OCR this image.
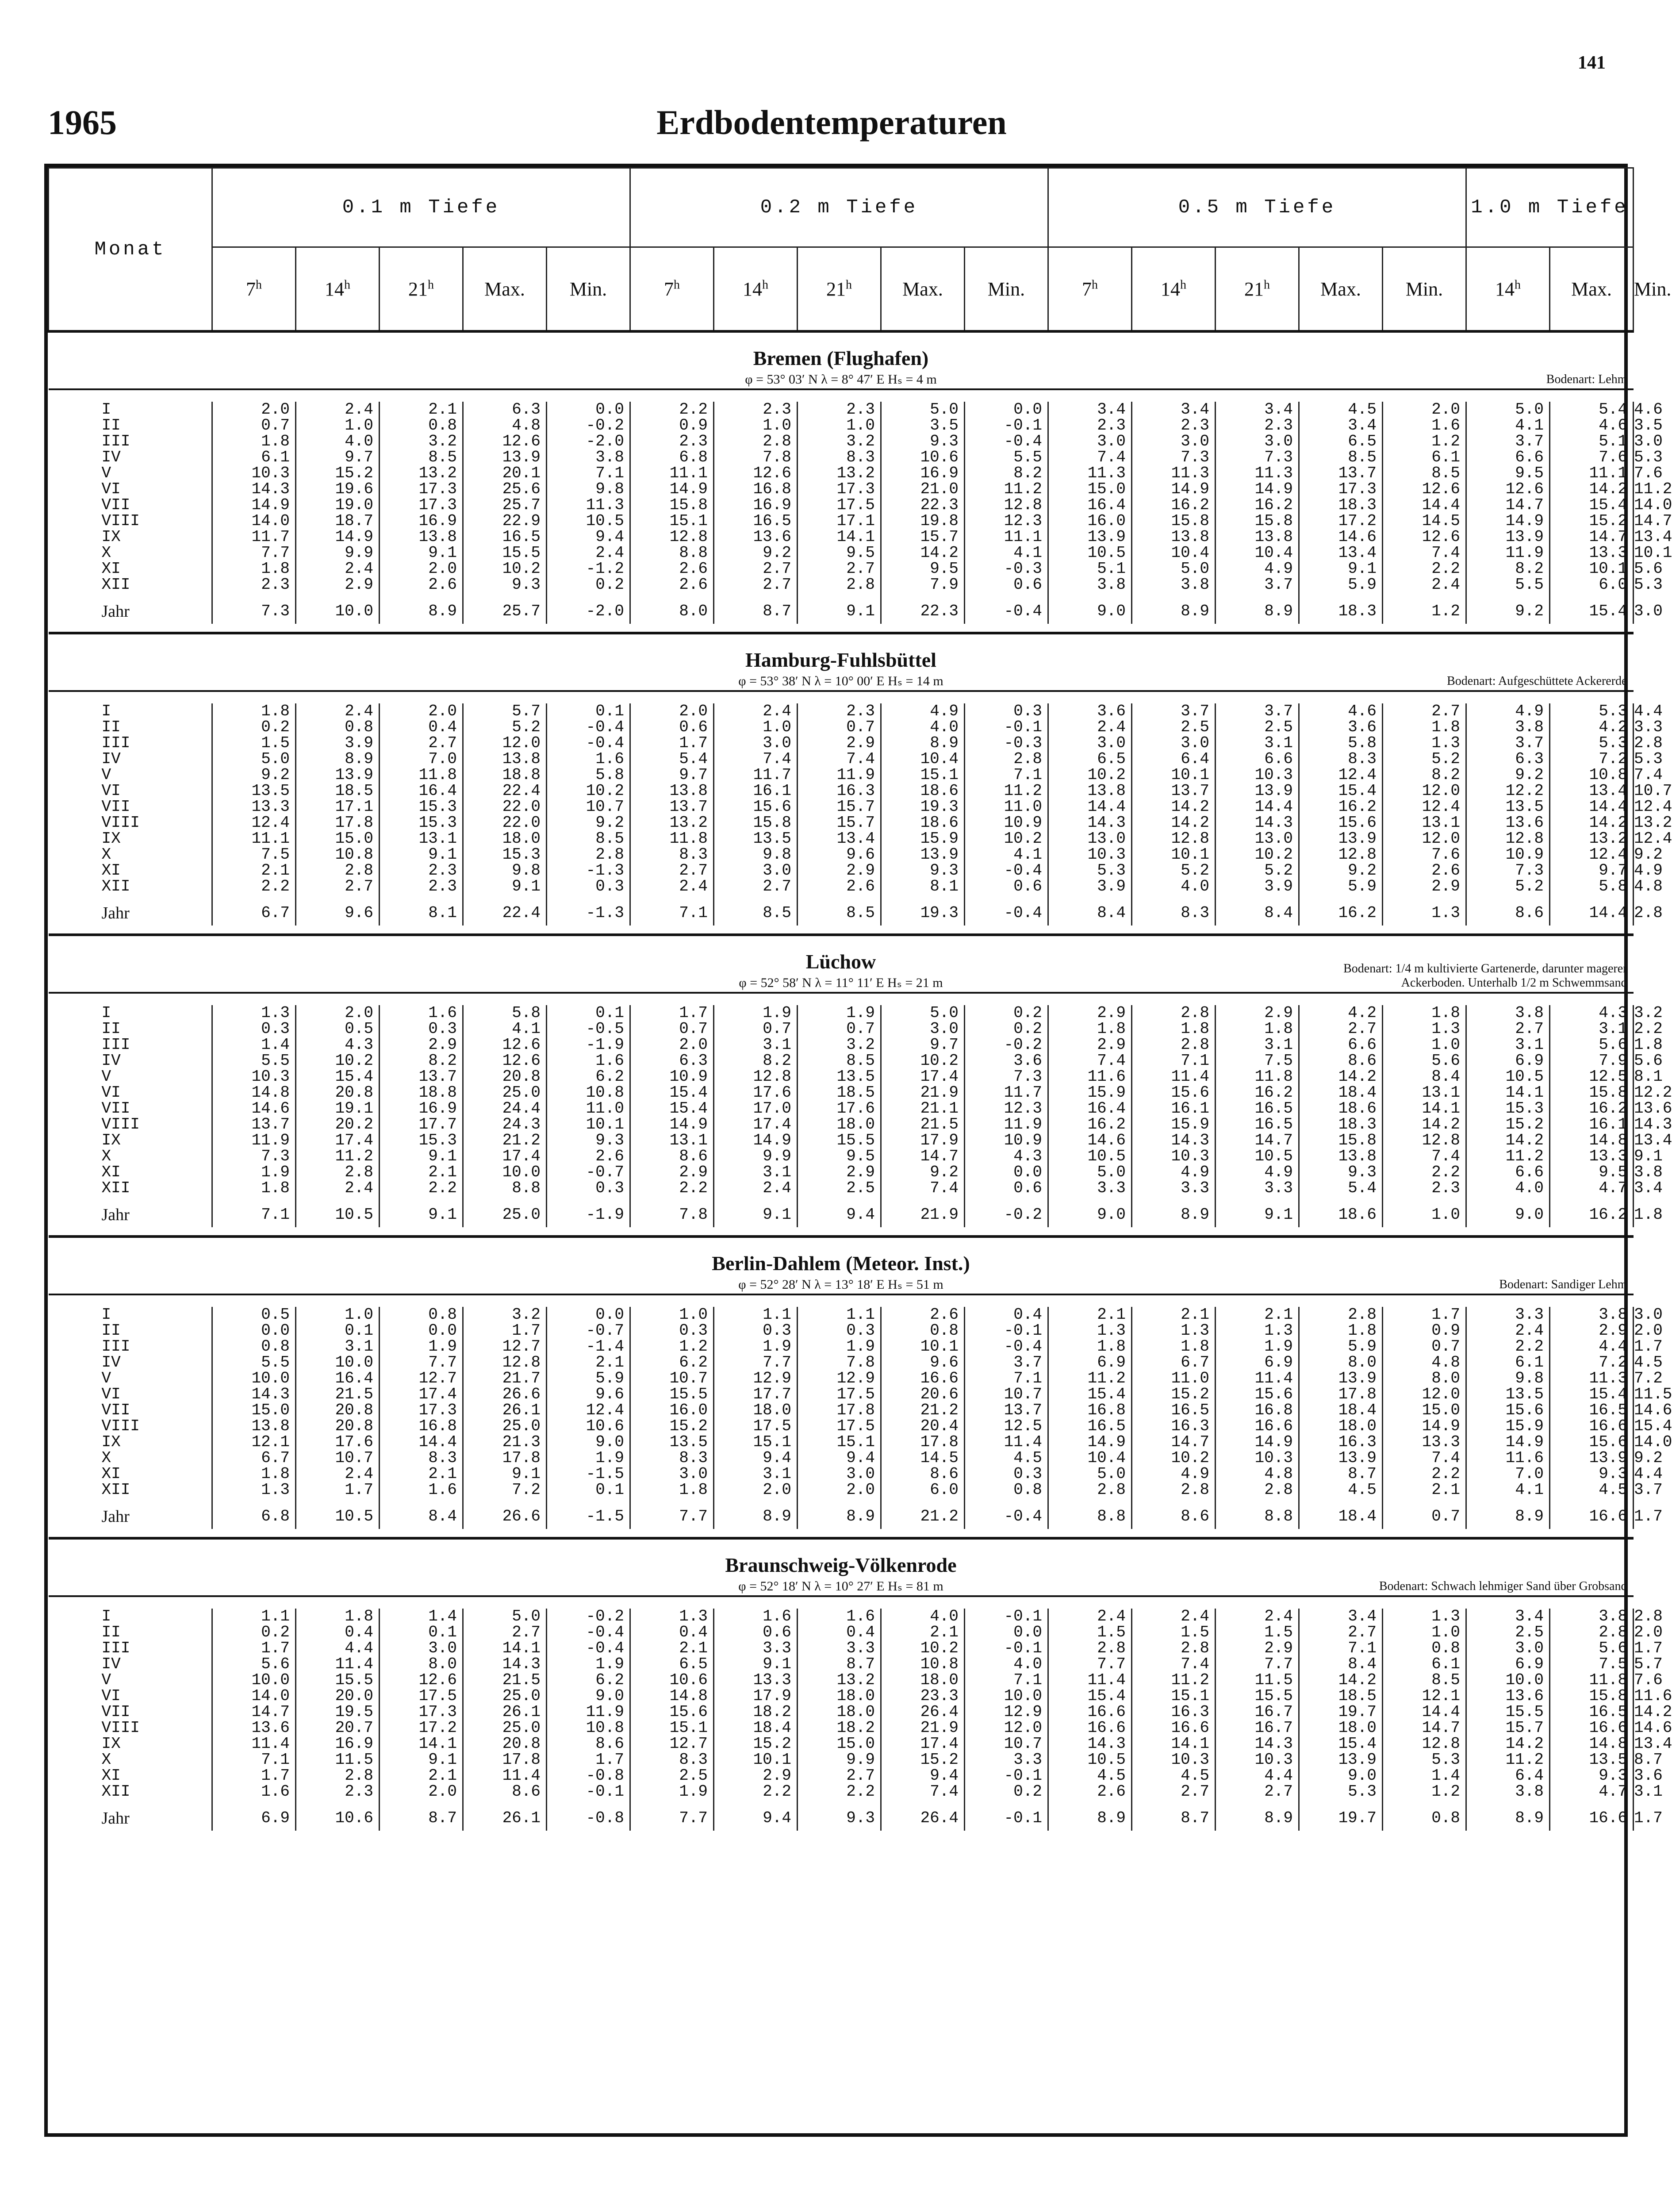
141
1965	Erdbodentemperaturen
Monat	0.1 m Tiefe					0.2 m Tiefe					0.5 m Tiefe					1.0 m Tiefe		
	7$^h$	14$^h$	21$^h$	Max.	Min.	7$^h$	14$^h$	21$^h$	Max.	Min.	7$^h$	14$^h$	21$^h$	Max.	Min.	14$^h$	Max.	Min.
Bremen (Flughafen)																		

φ = 53° 03′ N λ = 8° 47′ E Hₛ = 4 m Bodenart: Lehm																		

I	2.0	2.4	2.1	6.3	0.0	2.2	2.3	2.3	5.0	0.0	3.4	3.4	3.4	4.5	2.0	5.0	5.4	4.6
II	0.7	1.0	0.8	4.8	-0.2	0.9	1.0	1.0	3.5	-0.1	2.3	2.3	2.3	3.4	1.6	4.1	4.6	3.5
III	1.8	4.0	3.2	12.6	-2.0	2.3	2.8	3.2	9.3	-0.4	3.0	3.0	3.0	6.5	1.2	3.7	5.1	3.0
IV	6.1	9.7	8.5	13.9	3.8	6.8	7.8	8.3	10.6	5.5	7.4	7.3	7.3	8.5	6.1	6.6	7.6	5.3
V	10.3	15.2	13.2	20.1	7.1	11.1	12.6	13.2	16.9	8.2	11.3	11.3	11.3	13.7	8.5	9.5	11.1	7.6
VI	14.3	19.6	17.3	25.6	9.8	14.9	16.8	17.3	21.0	11.2	15.0	14.9	14.9	17.3	12.6	12.6	14.2	11.2
VII	14.9	19.0	17.3	25.7	11.3	15.8	16.9	17.5	22.3	12.8	16.4	16.2	16.2	18.3	14.4	14.7	15.4	14.0
VIII	14.0	18.7	16.9	22.9	10.5	15.1	16.5	17.1	19.8	12.3	16.0	15.8	15.8	17.2	14.5	14.9	15.2	14.7
IX	11.7	14.9	13.8	16.5	9.4	12.8	13.6	14.1	15.7	11.1	13.9	13.8	13.8	14.6	12.6	13.9	14.7	13.4
X	7.7	9.9	9.1	15.5	2.4	8.8	9.2	9.5	14.2	4.1	10.5	10.4	10.4	13.4	7.4	11.9	13.3	10.1
XI	1.8	2.4	2.0	10.2	-1.2	2.6	2.7	2.7	9.5	-0.3	5.1	5.0	4.9	9.1	2.2	8.2	10.1	5.6
XII	2.3	2.9	2.6	9.3	0.2	2.6	2.7	2.8	7.9	0.6	3.8	3.8	3.7	5.9	2.4	5.5	6.0	5.3
Jahr	7.3	10.0	8.9	25.7	-2.0	8.0	8.7	9.1	22.3	-0.4	9.0	8.9	8.9	18.3	1.2	9.2	15.4	3.0

Hamburg-Fuhlsbüttel																		

φ = 53° 38′ N λ = 10° 00′ E Hₛ = 14 m Bodenart: Aufgeschüttete Ackererde																		

I	1.8	2.4	2.0	5.7	0.1	2.0	2.4	2.3	4.9	0.3	3.6	3.7	3.7	4.6	2.7	4.9	5.3	4.4
II	0.2	0.8	0.4	5.2	-0.4	0.6	1.0	0.7	4.0	-0.1	2.4	2.5	2.5	3.6	1.8	3.8	4.2	3.3
III	1.5	3.9	2.7	12.0	-0.4	1.7	3.0	2.9	8.9	-0.3	3.0	3.0	3.1	5.8	1.3	3.7	5.3	2.8
IV	5.0	8.9	7.0	13.8	1.6	5.4	7.4	7.4	10.4	2.8	6.5	6.4	6.6	8.3	5.2	6.3	7.2	5.3
V	9.2	13.9	11.8	18.8	5.8	9.7	11.7	11.9	15.1	7.1	10.2	10.1	10.3	12.4	8.2	9.2	10.8	7.4
VI	13.5	18.5	16.4	22.4	10.2	13.8	16.1	16.3	18.6	11.2	13.8	13.7	13.9	15.4	12.0	12.2	13.4	10.7
VII	13.3	17.1	15.3	22.0	10.7	13.7	15.6	15.7	19.3	11.0	14.4	14.2	14.4	16.2	12.4	13.5	14.4	12.4
VIII	12.4	17.8	15.3	22.0	9.2	13.2	15.8	15.7	18.6	10.9	14.3	14.2	14.3	15.6	13.1	13.6	14.2	13.2
IX	11.1	15.0	13.1	18.0	8.5	11.8	13.5	13.4	15.9	10.2	13.0	12.8	13.0	13.9	12.0	12.8	13.2	12.4
X	7.5	10.8	9.1	15.3	2.8	8.3	9.8	9.6	13.9	4.1	10.3	10.1	10.2	12.8	7.6	10.9	12.4	9.2
XI	2.1	2.8	2.3	9.8	-1.3	2.7	3.0	2.9	9.3	-0.4	5.3	5.2	5.2	9.2	2.6	7.3	9.7	4.9
XII	2.2	2.7	2.3	9.1	0.3	2.4	2.7	2.6	8.1	0.6	3.9	4.0	3.9	5.9	2.9	5.2	5.8	4.8
Jahr	6.7	9.6	8.1	22.4	-1.3	7.1	8.5	8.5	19.3	-0.4	8.4	8.3	8.4	16.2	1.3	8.6	14.4	2.8

Lüchow																		

φ = 52° 58′ N λ = 11° 11′ E Hₛ = 21 m
Bodenart: 1/4 m kultivierte Gartenerde, darunter magerer
Ackerboden. Unterhalb 1/2 m Schwemmsand																		

I	1.3	2.0	1.6	5.8	0.1	1.7	1.9	1.9	5.0	0.2	2.9	2.8	2.9	4.2	1.8	3.8	4.3	3.2
II	0.3	0.5	0.3	4.1	-0.5	0.7	0.7	0.7	3.0	0.2	1.8	1.8	1.8	2.7	1.3	2.7	3.1	2.2
III	1.4	4.3	2.9	12.6	-1.9	2.0	3.1	3.2	9.7	-0.2	2.9	2.8	3.1	6.6	1.0	3.1	5.6	1.8
IV	5.5	10.2	8.2	12.6	1.6	6.3	8.2	8.5	10.2	3.6	7.4	7.1	7.5	8.6	5.6	6.9	7.9	5.6
V	10.3	15.4	13.7	20.8	6.2	10.9	12.8	13.5	17.4	7.3	11.6	11.4	11.8	14.2	8.4	10.5	12.5	8.1
VI	14.8	20.8	18.8	25.0	10.8	15.4	17.6	18.5	21.9	11.7	15.9	15.6	16.2	18.4	13.1	14.1	15.8	12.2
VII	14.6	19.1	16.9	24.4	11.0	15.4	17.0	17.6	21.1	12.3	16.4	16.1	16.5	18.6	14.1	15.3	16.2	13.6
VIII	13.7	20.2	17.7	24.3	10.1	14.9	17.4	18.0	21.5	11.9	16.2	15.9	16.5	18.3	14.2	15.2	16.1	14.3
IX	11.9	17.4	15.3	21.2	9.3	13.1	14.9	15.5	17.9	10.9	14.6	14.3	14.7	15.8	12.8	14.2	14.8	13.4
X	7.3	11.2	9.1	17.4	2.6	8.6	9.9	9.5	14.7	4.3	10.5	10.3	10.5	13.8	7.4	11.2	13.3	9.1
XI	1.9	2.8	2.1	10.0	-0.7	2.9	3.1	2.9	9.2	0.0	5.0	4.9	4.9	9.3	2.2	6.6	9.5	3.8
XII	1.8	2.4	2.2	8.8	0.3	2.2	2.4	2.5	7.4	0.6	3.3	3.3	3.3	5.4	2.3	4.0	4.7	3.4
Jahr	7.1	10.5	9.1	25.0	-1.9	7.8	9.1	9.4	21.9	-0.2	9.0	8.9	9.1	18.6	1.0	9.0	16.2	1.8

Berlin-Dahlem (Meteor. Inst.)																		

φ = 52° 28′ N λ = 13° 18′ E Hₛ = 51 m Bodenart: Sandiger Lehm																		

I	0.5	1.0	0.8	3.2	0.0	1.0	1.1	1.1	2.6	0.4	2.1	2.1	2.1	2.8	1.7	3.3	3.8	3.0
II	0.0	0.1	0.0	1.7	-0.7	0.3	0.3	0.3	0.8	-0.1	1.3	1.3	1.3	1.8	0.9	2.4	2.9	2.0
III	0.8	3.1	1.9	12.7	-1.4	1.2	1.9	1.9	10.1	-0.4	1.8	1.8	1.9	5.9	0.7	2.2	4.4	1.7
IV	5.5	10.0	7.7	12.8	2.1	6.2	7.7	7.8	9.6	3.7	6.9	6.7	6.9	8.0	4.8	6.1	7.2	4.5
V	10.0	16.4	12.7	21.7	5.9	10.7	12.9	12.9	16.6	7.1	11.2	11.0	11.4	13.9	8.0	9.8	11.3	7.2
VI	14.3	21.5	17.4	26.6	9.6	15.5	17.7	17.5	20.6	10.7	15.4	15.2	15.6	17.8	12.0	13.5	15.4	11.5
VII	15.0	20.8	17.3	26.1	12.4	16.0	18.0	17.8	21.2	13.7	16.8	16.5	16.8	18.4	15.0	15.6	16.5	14.6
VIII	13.8	20.8	16.8	25.0	10.6	15.2	17.5	17.5	20.4	12.5	16.5	16.3	16.6	18.0	14.9	15.9	16.6	15.4
IX	12.1	17.6	14.4	21.3	9.0	13.5	15.1	15.1	17.8	11.4	14.9	14.7	14.9	16.3	13.3	14.9	15.6	14.0
X	6.7	10.7	8.3	17.8	1.9	8.3	9.4	9.4	14.5	4.5	10.4	10.2	10.3	13.9	7.4	11.6	13.9	9.2
XI	1.8	2.4	2.1	9.1	-1.5	3.0	3.1	3.0	8.6	0.3	5.0	4.9	4.8	8.7	2.2	7.0	9.3	4.4
XII	1.3	1.7	1.6	7.2	0.1	1.8	2.0	2.0	6.0	0.8	2.8	2.8	2.8	4.5	2.1	4.1	4.5	3.7
Jahr	6.8	10.5	8.4	26.6	-1.5	7.7	8.9	8.9	21.2	-0.4	8.8	8.6	8.8	18.4	0.7	8.9	16.6	1.7

Braunschweig-Völkenrode																		

φ = 52° 18′ N λ = 10° 27′ E Hₛ = 81 m Bodenart: Schwach lehmiger Sand über Grobsand																		

I	1.1	1.8	1.4	5.0	-0.2	1.3	1.6	1.6	4.0	-0.1	2.4	2.4	2.4	3.4	1.3	3.4	3.8	2.8
II	0.2	0.4	0.1	2.7	-0.4	0.4	0.6	0.4	2.1	0.0	1.5	1.5	1.5	2.7	1.0	2.5	2.8	2.0
III	1.7	4.4	3.0	14.1	-0.4	2.1	3.3	3.3	10.2	-0.1	2.8	2.8	2.9	7.1	0.8	3.0	5.6	1.7
IV	5.6	11.4	8.0	14.3	1.9	6.5	9.1	8.7	10.8	4.0	7.7	7.4	7.7	8.4	6.1	6.9	7.5	5.7
V	10.0	15.5	12.6	21.5	6.2	10.6	13.3	13.2	18.0	7.1	11.4	11.2	11.5	14.2	8.5	10.0	11.8	7.6
VI	14.0	20.0	17.5	25.0	9.0	14.8	17.9	18.0	23.3	10.0	15.4	15.1	15.5	18.5	12.1	13.6	15.8	11.6
VII	14.7	19.5	17.3	26.1	11.9	15.6	18.2	18.0	26.4	12.9	16.6	16.3	16.7	19.7	14.4	15.5	16.5	14.2
VIII	13.6	20.7	17.2	25.0	10.8	15.1	18.4	18.2	21.9	12.0	16.6	16.6	16.7	18.0	14.7	15.7	16.6	14.6
IX	11.4	16.9	14.1	20.8	8.6	12.7	15.2	15.0	17.4	10.7	14.3	14.1	14.3	15.4	12.8	14.2	14.8	13.4
X	7.1	11.5	9.1	17.8	1.7	8.3	10.1	9.9	15.2	3.3	10.5	10.3	10.3	13.9	5.3	11.2	13.5	8.7
XI	1.7	2.8	2.1	11.4	-0.8	2.5	2.9	2.7	9.4	-0.1	4.5	4.5	4.4	9.0	1.4	6.4	9.3	3.6
XII	1.6	2.3	2.0	8.6	-0.1	1.9	2.2	2.2	7.4	0.2	2.6	2.7	2.7	5.3	1.2	3.8	4.7	3.1
Jahr	6.9	10.6	8.7	26.1	-0.8	7.7	9.4	9.3	26.4	-0.1	8.9	8.7	8.9	19.7	0.8	8.9	16.6	1.7
